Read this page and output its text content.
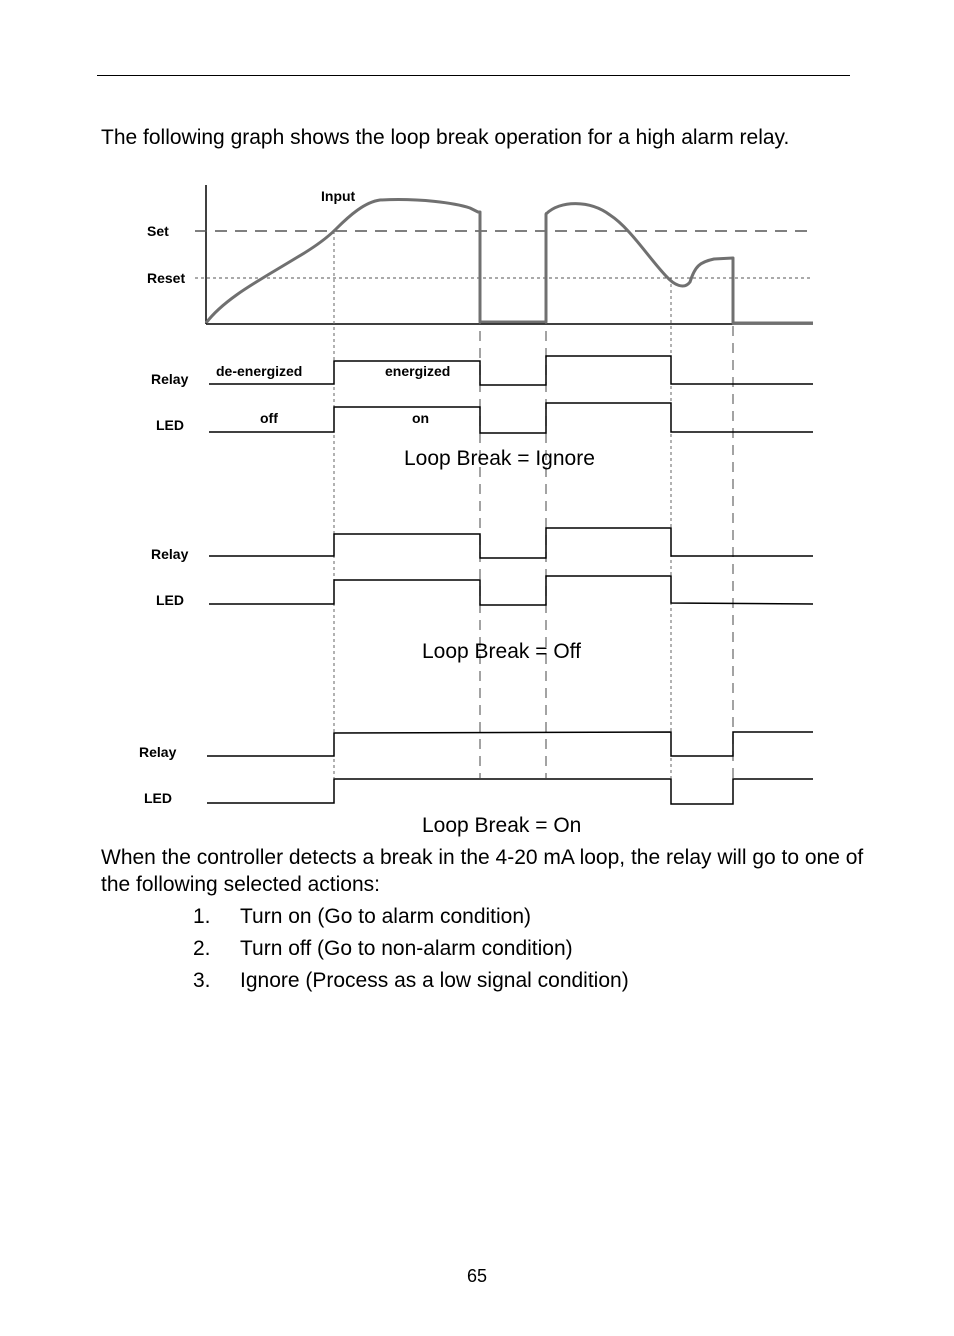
The following graph shows the loop break operation for a high alarm relay.

Input
Set
Reset
Relay
LED
de-energized	energized
off	on
Loop Break = Ignore
Relay
LED
Loop Break = Off
Relay
LED
Loop Break = On

When the controller detects a break in the 4-20 mA loop, the relay will go to one of the following selected actions:

1. Turn on (Go to alarm condition)
2. Turn off (Go to non-alarm condition)
3. Ignore (Process as a low signal condition)
65
